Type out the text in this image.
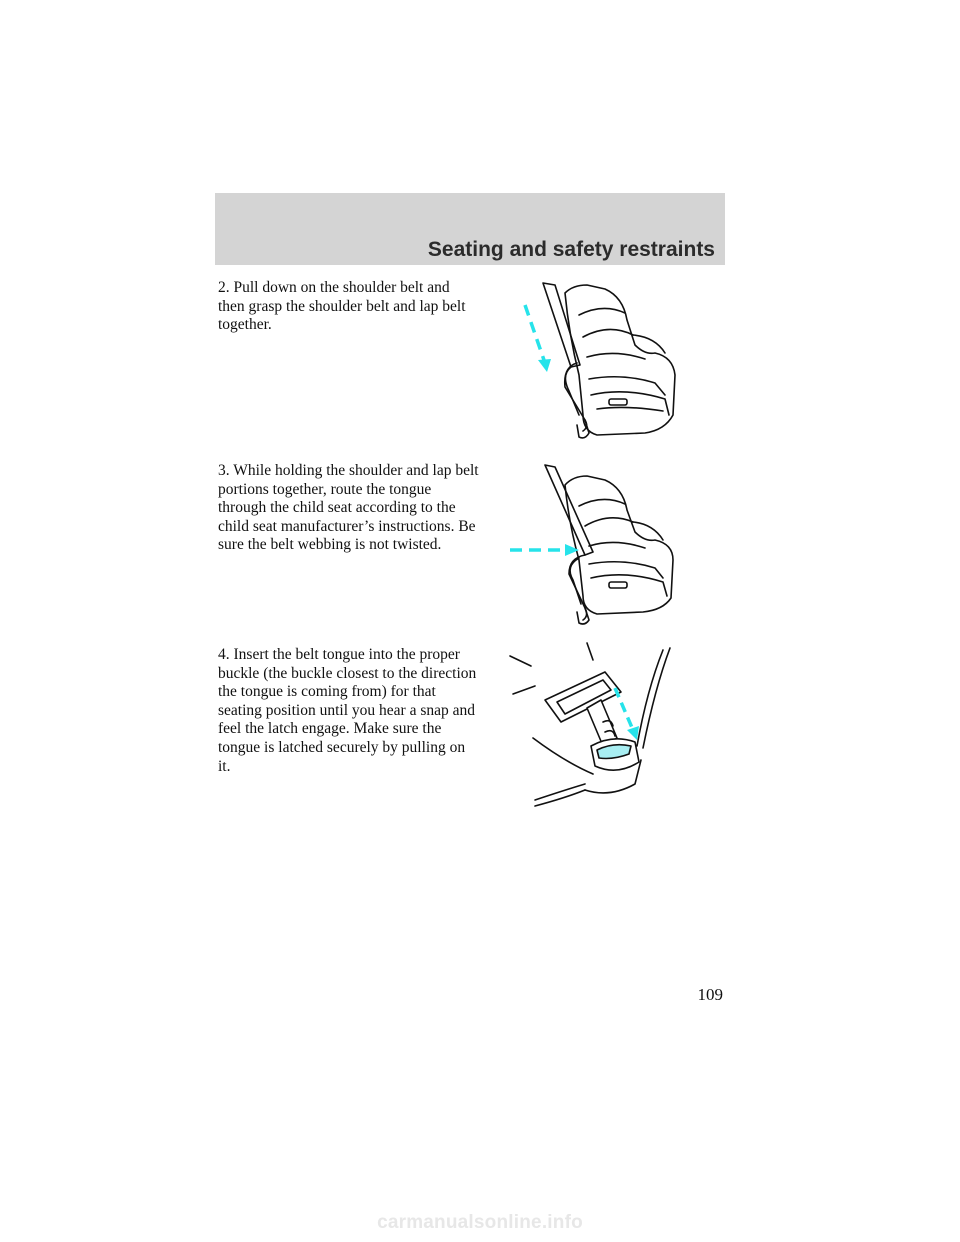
Seating and safety restraints

2. Pull down on the shoulder belt and then grasp the shoulder belt and lap belt together.

3. While holding the shoulder and lap belt portions together, route the tongue through the child seat according to the child seat manufacturer’s instructions. Be sure the belt webbing is not twisted.

4. Insert the belt tongue into the proper buckle (the buckle closest to the direction the tongue is coming from) for that seating position until you hear a snap and feel the latch engage. Make sure the tongue is latched securely by pulling on it.

109
carmanualsonline.info
